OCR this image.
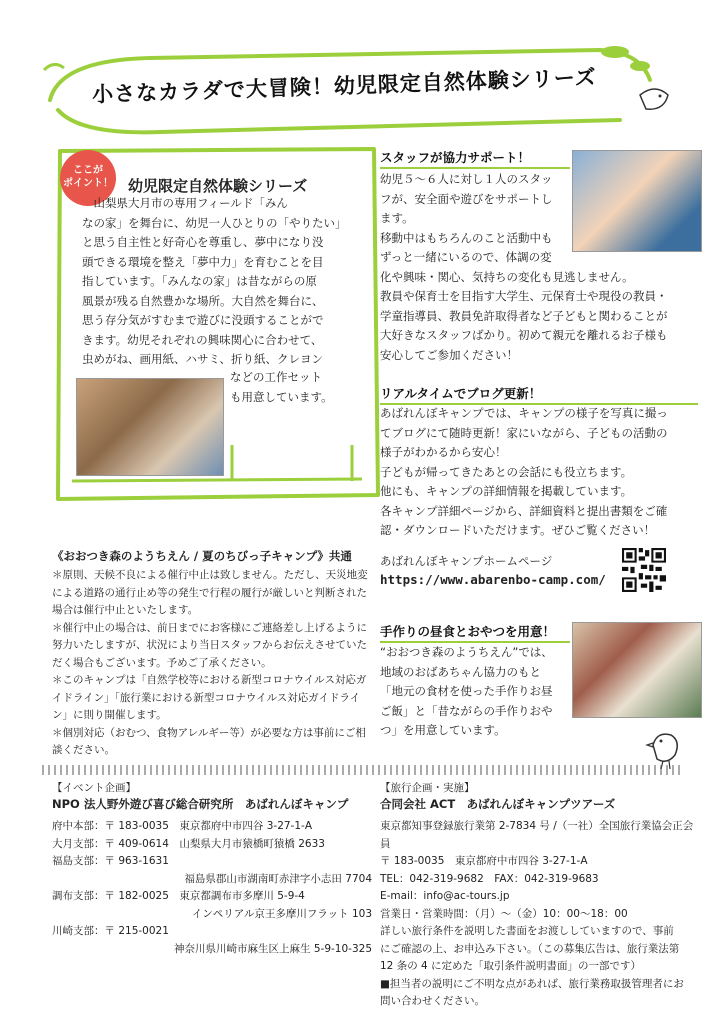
小さなカラダで大冒険！幼児限定自然体験シリーズ
ここが
ポイント！ 幼児限定自然体験シリーズ
　山梨県大月市の専用フィールド「みん
なの家」を舞台に、幼児一人ひとりの「やりたい」
と思う自主性と好奇心を尊重し、夢中になり没
頭できる環境を整え「夢中力」を育むことを目
指しています。「みんなの家」は昔ながらの原
風景が残る自然豊かな場所。大自然を舞台に、
思う存分気がすむまで遊びに没頭することがで
きます。幼児それぞれの興味関心に合わせて、
虫めがね、画用紙、ハサミ、折り紙、クレヨン
などの工作セット
も用意しています。
スタッフが協力サポート！
幼児５～６人に対し１人のスタッ
フが、安全面や遊びをサポートし
ます。
移動中はもちろんのこと活動中も
ずっと一緒にいるので、体調の変
化や興味・関心、気持ちの変化も見逃しません。
教員や保育士を目指す大学生、元保育士や現役の教員・
学童指導員、教員免許取得者など子どもと関わることが
大好きなスタッフばかり。初めて親元を離れるお子様も
安心してご参加ください！
リアルタイムでブログ更新！
あばれんぼキャンプでは、キャンプの様子を写真に撮っ
てブログにて随時更新！家にいながら、子どもの活動の
様子がわかるから安心！
子どもが帰ってきたあとの会話にも役立ちます。
他にも、キャンプの詳細情報を掲載しています。
各キャンプ詳細ページから、詳細資料と提出書類をご確
認・ダウンロードいただけます。ぜひご覧ください！
あばれんぼキャンプホームページ
https://www.abarenbo-camp.com/
手作りの昼食とおやつを用意！
“おおつき森のようちえん”では、
地域のおばあちゃん協力のもと
「地元の食材を使った手作りお昼
ご飯」と「昔ながらの手作りおや
つ」を用意しています。
《おおつき森のようちえん / 夏のちびっ子キャンプ》共通

＊原則、天候不良による催行中止は致しません。ただし、天災地変による道路の通行止め等の発生で行程の履行が厳しいと判断された場合は催行中止といたします。

＊催行中止の場合は、前日までにお客様にご連絡差し上げるように努力いたしますが、状況により当日スタッフからお伝えさせていただく場合もございます。予めご了承ください。

＊このキャンプは「自然学校等における新型コロナウイルス対応ガイドライン」「旅行業における新型コロナウイルス対応ガイドライン」に則り開催します。

＊個別対応（おむつ、食物アレルギー等）が必要な方は事前にご相談ください。

【イベント企画】
NPO 法人野外遊び喜び総合研究所　あばれんぼキャンプ
府中本部：〒 183-0035　東京都府中市四谷 3-27-1-A
大月支部：〒 409-0614　山梨県大月市猿橋町猿橋 2633
福島支部：〒 963-1631
福島県郡山市湖南町赤津字小志田 7704
調布支部：〒 182-0025　東京都調布市多摩川 5-9-4
インペリアル京王多摩川フラット 103
川崎支部：〒 215-0021
神奈川県川崎市麻生区上麻生 5-9-10-325
【旅行企画・実施】
合同会社 ACT　あばれんぼキャンプツアーズ
東京都知事登録旅行業第 2-7834 号 /（一社）全国旅行業協会正会員
〒 183-0035　東京都府中市四谷 3-27-1-A
TEL：042-319-9682　FAX：042-319-9683
E-mail：info@ac-tours.jp
営業日・営業時間：（月）～（金）10：00～18：00
詳しい旅行条件を説明した書面をお渡ししていますので、事前
にご確認の上、お申込み下さい。（この募集広告は、旅行業法第
12 条の 4 に定めた「取引条件説明書面」の一部です）
■担当者の説明にご不明な点があれば、旅行業務取扱管理者にお
問い合わせください。
